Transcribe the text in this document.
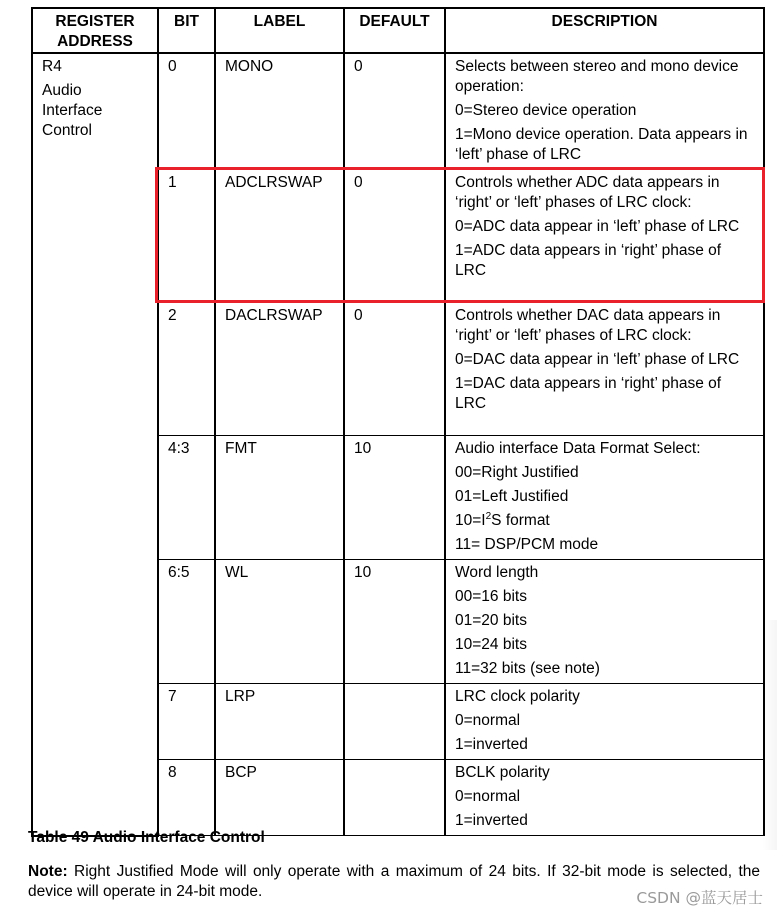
REGISTER ADDRESS	BIT	LABEL	DEFAULT	DESCRIPTION

R4
Audio
Interface
Control
	0	MONO	0	Selects between stereo and mono device operation:
0=Stereo device operation
1=Mono device operation. Data appears in ‘left’ phase of LRC

	1	ADCLRSWAP	0	Controls whether ADC data appears in ‘right’ or ‘left’ phases of LRC clock:
0=ADC data appear in ‘left’ phase of LRC
1=ADC data appears in ‘right’ phase of LRC

	2	DACLRSWAP	0	Controls whether DAC data appears in ‘right’ or ‘left’ phases of LRC clock:
0=DAC data appear in ‘left’ phase of LRC
1=DAC data appears in ‘right’ phase of LRC

	4:3	FMT	10	Audio interface Data Format Select:
00=Right Justified
01=Left Justified
$10=I^2S$ format
11= DSP/PCM mode

	6:5	WL	10	Word length
00=16 bits
01=20 bits
10=24 bits
11=32 bits (see note)

	7	LRP		LRC clock polarity
0=normal
1=inverted

	8	BCP		BCLK polarity
0=normal
1=inverted
Table 49 Audio Interface Control
Note: Right Justified Mode will only operate with a maximum of 24 bits. If 32-bit mode is selected, the device will operate in 24-bit mode.	CSDN @蓝天居士
